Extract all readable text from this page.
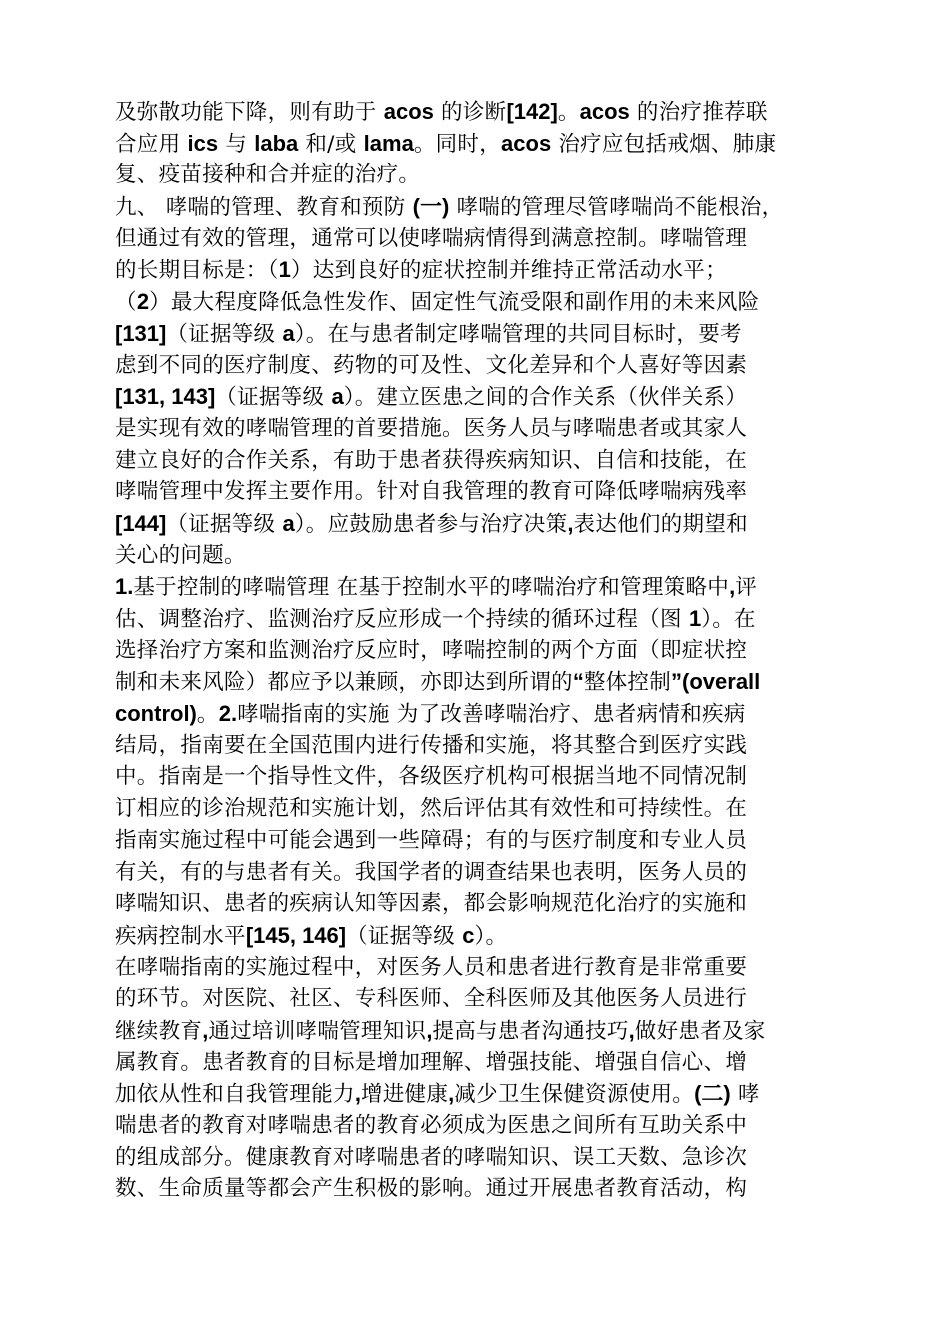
及弥散功能下降，则有助于 acos 的诊断[142]。acos 的治疗推荐联
合应用 ics 与 laba 和/或 lama。同时，acos 治疗应包括戒烟、肺康
复、疫苗接种和合并症的治疗。
九、 哮喘的管理、教育和预防 (一) 哮喘的管理尽管哮喘尚不能根治，
但通过有效的管理，通常可以使哮喘病情得到满意控制。哮喘管理
的长期目标是：（1）达到良好的症状控制并维持正常活动水平；
（2）最大程度降低急性发作、固定性气流受限和副作用的未来风险
[131]（证据等级 a）。在与患者制定哮喘管理的共同目标时，要考
虑到不同的医疗制度、药物的可及性、文化差异和个人喜好等因素
[131, 143]（证据等级 a）。建立医患之间的合作关系（伙伴关系）
是实现有效的哮喘管理的首要措施。医务人员与哮喘患者或其家人
建立良好的合作关系，有助于患者获得疾病知识、自信和技能，在
哮喘管理中发挥主要作用。针对自我管理的教育可降低哮喘病残率
[144]（证据等级 a）。应鼓励患者参与治疗决策,表达他们的期望和
关心的问题。
1.基于控制的哮喘管理 在基于控制水平的哮喘治疗和管理策略中,评
估、调整治疗、监测治疗反应形成一个持续的循环过程（图 1）。在
选择治疗方案和监测治疗反应时，哮喘控制的两个方面（即症状控
制和未来风险）都应予以兼顾，亦即达到所谓的“整体控制”(overall
control)。2.哮喘指南的实施 为了改善哮喘治疗、患者病情和疾病
结局，指南要在全国范围内进行传播和实施，将其整合到医疗实践
中。指南是一个指导性文件，各级医疗机构可根据当地不同情况制
订相应的诊治规范和实施计划，然后评估其有效性和可持续性。在
指南实施过程中可能会遇到一些障碍；有的与医疗制度和专业人员
有关，有的与患者有关。我国学者的调查结果也表明，医务人员的
哮喘知识、患者的疾病认知等因素，都会影响规范化治疗的实施和
疾病控制水平[145, 146]（证据等级 c）。
在哮喘指南的实施过程中，对医务人员和患者进行教育是非常重要
的环节。对医院、社区、专科医师、全科医师及其他医务人员进行
继续教育,通过培训哮喘管理知识,提高与患者沟通技巧,做好患者及家
属教育。患者教育的目标是增加理解、增强技能、增强自信心、增
加依从性和自我管理能力,增进健康,减少卫生保健资源使用。(二) 哮
喘患者的教育对哮喘患者的教育必须成为医患之间所有互助关系中
的组成部分。健康教育对哮喘患者的哮喘知识、误工天数、急诊次
数、生命质量等都会产生积极的影响。通过开展患者教育活动，构
